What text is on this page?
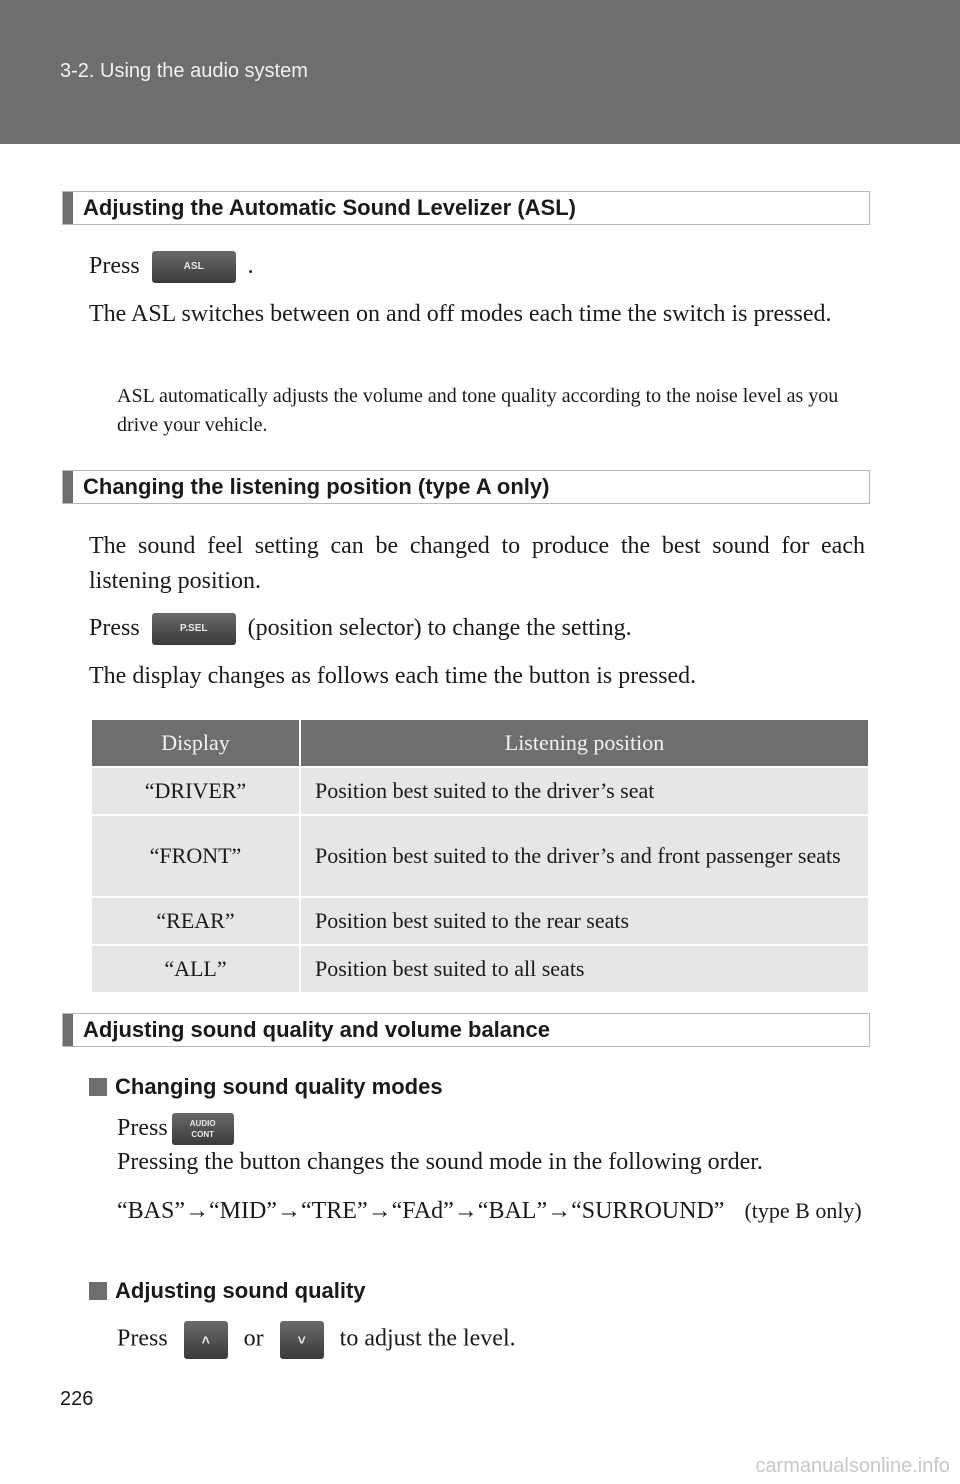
3-2. Using the audio system
Adjusting the Automatic Sound Levelizer (ASL)
Press	ASL .
The ASL switches between on and off modes each time the switch is pressed.
ASL automatically adjusts the volume and tone quality according to the noise level as you drive your vehicle.
Changing the listening position (type A only)
The sound feel setting can be changed to produce the best sound for each listening position.
Press	P.SEL (position selector) to change the setting.
The display changes as follows each time the button is pressed.
Display	Listening position
“DRIVER”	Position best suited to the driver’s seat
“FRONT”	Position best suited to the driver’s and front passenger seats
“REAR”	Position best suited to the rear seats
“ALL”	Position best suited to all seats
Adjusting sound quality and volume balance
Changing sound quality modes
Press	AUDIO
CONT
Pressing the button changes the sound mode in the following order.
“BAS”→“MID”→“TRE”→“FAd”→“BAL”→“SURROUND” (type B only)
Adjusting sound quality
Press ˄ or ˅ to adjust the level.
226
carmanualsonline.info
